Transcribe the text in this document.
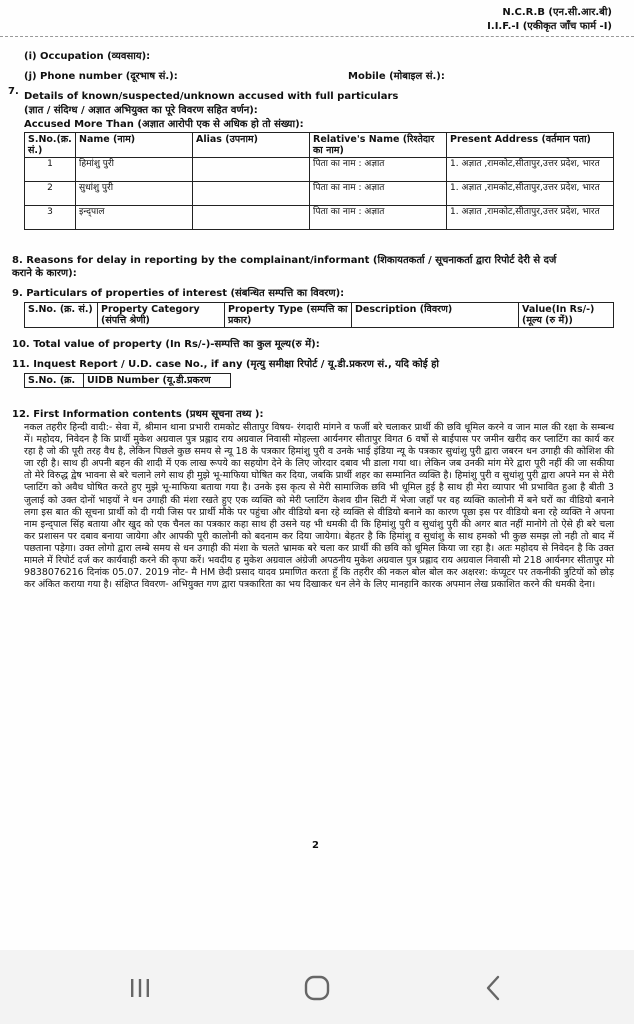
N.C.R.B (एन.सी.आर.बी)
I.I.F.-I (एकीकृत जाँच फार्म -I)
(i) Occupation (व्यवसाय):
(j) Phone number (दूरभाष सं.):	Mobile (मोबाइल सं.):
7. Details of known/suspected/unknown accused with full particulars
(ज्ञात / संदिग्ध / अज्ञात अभियुक्त का पूरे विवरण सहित वर्णन):
Accused More Than (अज्ञात आरोपी एक से अधिक हो तो संख्या):
S.No.(क्र. सं.)	Name (नाम)	Alias (उपनाम)	Relative's Name (रिश्तेदार का नाम)	Present Address (वर्तमान पता)
1	हिमांशु पुरी		पिता का नाम : अज्ञात	1. अज्ञात ,रामकोट,सीतापुर,उत्तर प्रदेश, भारत
2	सुधांशु पुरी		पिता का नाम : अज्ञात	1. अज्ञात ,रामकोट,सीतापुर,उत्तर प्रदेश, भारत
3	इन्द्पाल		पिता का नाम : अज्ञात	1. अज्ञात ,रामकोट,सीतापुर,उत्तर प्रदेश, भारत
8. Reasons for delay in reporting by the complainant/informant (शिकायतकर्ता / सूचनाकर्ता द्वारा रिपोर्ट देरी से दर्ज
कराने के कारण):
9. Particulars of properties of interest (संबन्धित सम्पत्ति का विवरण):
S.No. (क्र. सं.)	Property Category (संपत्ति श्रेणी)	Property Type (सम्पत्ति का प्रकार)	Description (विवरण)	Value(In Rs/-) (मूल्य (रु में))
10. Total value of property (In Rs/-)-सम्पत्ति का कुल मूल्य(रु में):
11. Inquest Report / U.D. case No., if any (मृत्यु समीक्षा रिपोर्ट / यू.डी.प्रकरण सं., यदि कोई हो
S.No. (क्र.	UIDB Number (यू.डी.प्रकरण
12. First Information contents (प्रथम सूचना तथ्य ):
नकल तहरीर हिन्दी वादी:- सेवा में, श्रीमान थाना प्रभारी रामकोट सीतापुर विषय- रंगदारी मांगने व फर्जी बरे चलाकर प्रार्थी की छवि धूमिल करने व जान माल की रक्षा के सम्बन्ध में। महोदय, निवेदन है कि प्रार्थी मुकेश अग्रवाल पुत्र प्रह्लाद राय अग्रवाल निवासी मोहल्ला आर्यनगर सीतापुर विगत 6 वर्षो से बाईपास पर जमीन खरीद कर प्लाटिंग का कार्य कर रहा है जो की पूरी तरह वैध है, लेकिन पिछले कुछ समय से न्यू 18 के पत्रकार हिमांशु पुरी व उनके भाई इंडिया न्यू के पत्रकार सुधांशु पुरी द्वारा जबरन धन उगाही की कोशिश की जा रही है। साथ ही अपनी बहन की शादी में एक लाख रूपये का सहयोग देने के लिए जोरदार दबाव भी डाला गया था। लेकिन जब उनकी मांग मेरे द्वारा पूरी नहीं की जा सकीया तो मेरे विरुद्ध द्वेष भावना से बरे चलाने लगे साथ ही मुझे भू-माफिया घोषित कर दिया, जबकि प्रार्थी शहर का सम्मानित व्यक्ति है। हिमांशु पुरी व सुधांशु पुरी द्वारा अपने मन से मेरी प्लाटिंग को अवैध घोषित करते हुए मुझे भू-माफिया बताया गया है। उनके इस कृत्य से मेरी सामाजिक छवि भी धूमिल हुई है साथ ही मेरा व्यापार भी प्रभावित हुआ है बीती 3 जुलाई को उक्त दोनों भाइयों ने धन उगाही की मंशा रखते हुए एक व्यक्ति को मेरी प्लाटिंग केशव ग्रीन सिटी में भेजा जहाँ पर वह व्यक्ति कालोनी में बने घरों का वीडियो बनाने लगा इस बात की सूचना प्रार्थी को दी गयी जिस पर प्रार्थी मौके पर पहुंचा और वीडियो बना रहे व्यक्ति से वीडियो बनाने का कारण पूछा इस पर वीडियो बना रहे व्यक्ति ने अपना नाम इन्द्पाल सिंह बताया और खुद को एक चैनल का पत्रकार कहा साथ ही उसने यह भी धमकी दी कि हिमांशु पुरी व सुधांशु पुरी की अगर बात नहीं मानोगे तो ऐसे ही बरे चला कर प्रशासन पर दबाव बनाया जायेगा और आपकी पूरी कालोनी को बदनाम कर दिया जायेगा। बेहतर है कि हिमांशु व सुधांशु के साथ हमको भी कुछ समझ लो नही तो बाद में पछताना पड़ेगा। उक्त लोगो द्वारा लम्बे समय से धन उगाही की मंशा के चलते भ्रामक बरे चला कर प्रार्थी की छवि को धूमिल किया जा रहा है। अतः महोदय से निवेदन है कि उक्त मामले में रिपोर्ट दर्ज कर कार्यवाही करने की कृपा करें। भवदीय ह मुकेश अग्रवाल अंग्रेजी अपठनीय मुकेश अग्रवाल पुत्र प्रह्लाद राय अग्रवाल निवासी मो 218 आर्यनगर सीतापुर मो 9838076216 दिनांक 05.07. 2019 नोट- मै HM छेदी प्रसाद यादव प्रमाणित करता हूँ कि तहरीर की नकल बोल बोल कर अक्षरश: कंप्यूटर पर तकनीकी त्रुटियों को छोड़ कर अंकित कराया गया है। संक्षिप्त विवरण- अभियुक्त गण द्वारा पत्रकारिता का भय दिखाकर धन लेने के लिए मानहानि कारक अपमान लेख प्रकाशित करने की धमकी देना।
2
